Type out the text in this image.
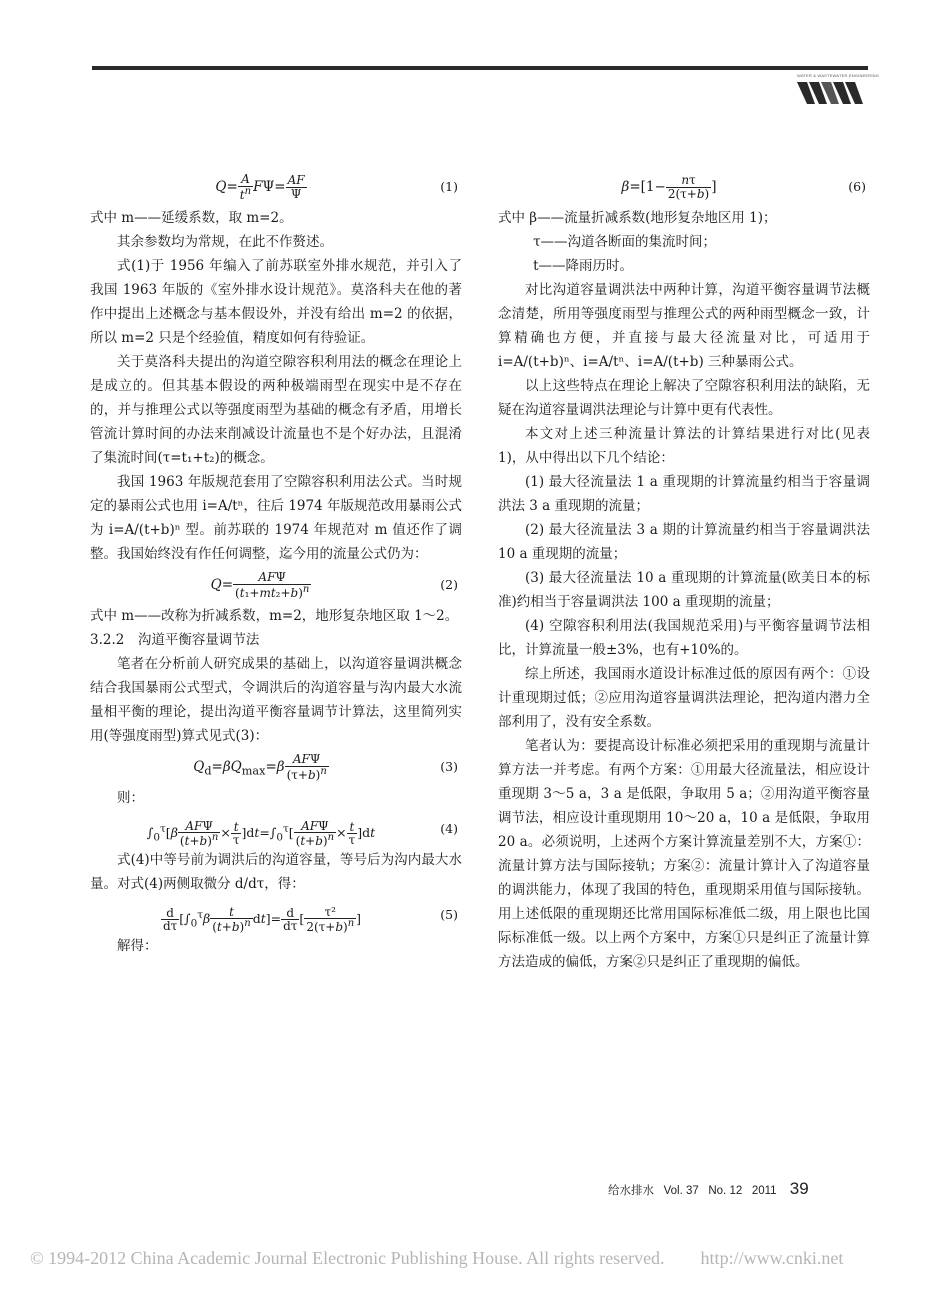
WATER & WASTEWATER ENGINEERING
$Q= \frac{A}{t^n} F\Psi=$ AF
Ψ	(1)

式中 m——延缓系数，取 m=2。

其余参数均为常规，在此不作赘述。

式(1)于 1956 年编入了前苏联室外排水规范，并引入了我国 1963 年版的《室外排水设计规范》。莫洛科夫在他的著作中提出上述概念与基本假设外，并没有给出 m=2 的依据，所以 m=2 只是个经验值，精度如何有待验证。

关于莫洛科夫提出的沟道空隙容积利用法的概念在理论上是成立的。但其基本假设的两种极端雨型在现实中是不存在的，并与推理公式以等强度雨型为基础的概念有矛盾，用增长管流计算时间的办法来削减设计流量也不是个好办法，且混淆了集流时间(τ=t₁+t₂)的概念。

我国 1963 年版规范套用了空隙容积利用法公式。当时规定的暴雨公式也用 i=A/tⁿ，往后 1974 年版规范改用暴雨公式为 i=A/(t+b)ⁿ 型。前苏联的 1974 年规范对 m 值还作了调整。我国始终没有作任何调整，迄今用的流量公式仍为：

$Q= \frac{\text{AFΨ}}{(t_1+mt_2+b)^n}$	(2)

式中 m——改称为折减系数，m=2，地形复杂地区取 1～2。

3.2.2　沟道平衡容量调节法

笔者在分析前人研究成果的基础上，以沟道容量调洪概念结合我国暴雨公式型式，令调洪后的沟道容量与沟内最大水流量相平衡的理论，提出沟道平衡容量调节计算法，这里简列实用(等强度雨型)算式见式(3)：

$Q_d=\beta Q_{max}=\beta \frac{\text{AFΨ}}{(\tau+b)^n}$	(3)

则：

$\int_0^\tau[\beta \frac{\text{AFΨ}}{(t+b)^n} \times \frac{t}{\tau} ]dt=\int_0^\tau[ \frac{\text{AFΨ}}{(t+b)^n} \times \frac{t}{\tau} ]dt$	(4)

式(4)中等号前为调洪后的沟道容量，等号后为沟内最大水量。对式(4)两侧取微分 d/dτ，得：

$\frac{d}{d\tau} [\int_0^\tau\beta \frac{t}{(t+b)^n} dt]= \frac{d}{d\tau}$ [ $\frac{\text{τ²}}{2(\tau+b)^n}$ ]	(5)

解得：

$\beta=[1- \frac{n\tau}{2(\tau+b)}$ ]	(6)

式中 β——流量折减系数(地形复杂地区用 1)；

τ——沟道各断面的集流时间；

t——降雨历时。

对比沟道容量调洪法中两种计算，沟道平衡容量调节法概念清楚，所用等强度雨型与推理公式的两种雨型概念一致，计算精确也方便，并直接与最大径流量对比，可适用于 i=A/(t+b)ⁿ、i=A/tⁿ、i=A/(t+b) 三种暴雨公式。

以上这些特点在理论上解决了空隙容积利用法的缺陷，无疑在沟道容量调洪法理论与计算中更有代表性。

本文对上述三种流量计算法的计算结果进行对比(见表 1)，从中得出以下几个结论：

(1) 最大径流量法 1 a 重现期的计算流量约相当于容量调洪法 3 a 重现期的流量；

(2) 最大径流量法 3 a 期的计算流量约相当于容量调洪法 10 a 重现期的流量；

(3) 最大径流量法 10 a 重现期的计算流量(欧美日本的标准)约相当于容量调洪法 100 a 重现期的流量；

(4) 空隙容积利用法(我国规范采用)与平衡容量调节法相比，计算流量一般±3%，也有+10%的。

综上所述，我国雨水道设计标准过低的原因有两个：①设计重现期过低；②应用沟道容量调洪法理论，把沟道内潜力全部利用了，没有安全系数。

笔者认为：要提高设计标准必须把采用的重现期与流量计算方法一并考虑。有两个方案：①用最大径流量法，相应设计重现期 3～5 a，3 a 是低限，争取用 5 a；②用沟道平衡容量调节法，相应设计重现期用 10～20 a，10 a 是低限，争取用 20 a。必须说明，上述两个方案计算流量差别不大，方案①：流量计算方法与国际接轨；方案②：流量计算计入了沟道容量的调洪能力，体现了我国的特色，重现期采用值与国际接轨。用上述低限的重现期还比常用国际标准低二级，用上限也比国际标准低一级。以上两个方案中，方案①只是纠正了流量计算方法造成的偏低，方案②只是纠正了重现期的偏低。

给水排水 Vol. 37 No. 12 2011 39
© 1994-2012 China Academic Journal Electronic Publishing House. All rights reserved.　　http://www.cnki.net
